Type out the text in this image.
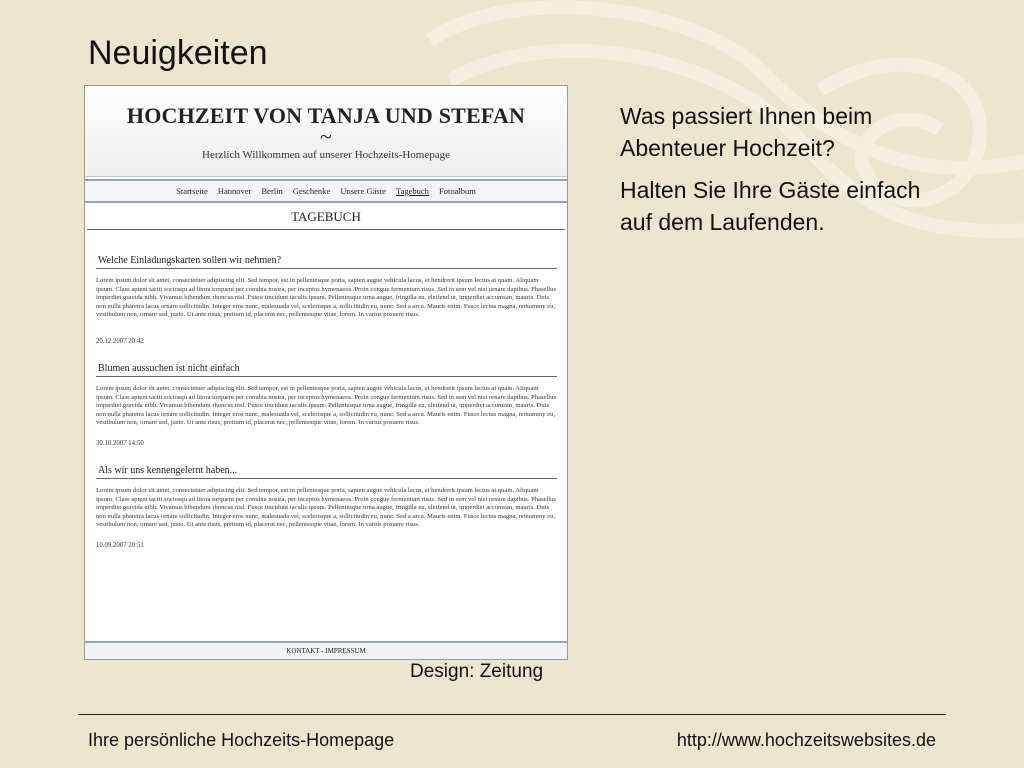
Neuigkeiten
HOCHZEIT VON TANJA UND STEFAN
~
Herzlich Willkommen auf unserer Hochzeits-Homepage
Startseite Hannover Berlin Geschenke Unsere Gäste Tagebuch Fotoalbum
TAGEBUCH
Welche Einladungskarten sollen wir nehmen?
Lorem ipsum dolor sit amet, consectetuer adipiscing elit. Sed tempor, est in pellentesque porta, sapien augue vehicula lacus, et hendrerit ipsum lectus at quam. Aliquam ipsum. Class aptent taciti sociosqu ad litora torquent per conubia nostra, per inceptos hymenaeos. Proin congue fermentum risus. Sed in sem vel nisi ornare dapibus. Phasellus imperdiet gravida nibh. Vivamus bibendum rhoncus nisl. Fusce tincidunt iaculis ipsum. Pellentesque urna augue, fringilla eu, eleifend ut, imperdiet accumsan, mauris. Duis non nulla pharetra lacus ornare sollicitudin. Integer eros nunc, malesuada vel, scelerisque a, sollicitudin eu, nunc. Sed a arcu. Mauris enim. Fusce lectus magna, nonummy eu, vestibulum non, ornare sed, justo. Ut ante risus, pretium id, placerat nec, pellentesque vitae, lorem. In varius posuere risus.
20.12.2007 20:42
Blumen aussuchen ist nicht einfach
Lorem ipsum dolor sit amet, consectetuer adipiscing elit. Sed tempor, est in pellentesque porta, sapien augue vehicula lacus, et hendrerit ipsum lectus at quam. Aliquam ipsum. Class aptent taciti sociosqu ad litora torquent per conubia nostra, per inceptos hymenaeos. Proin congue fermentum risus. Sed in sem vel nisi ornare dapibus. Phasellus imperdiet gravida nibh. Vivamus bibendum rhoncus nisl. Fusce tincidunt iaculis ipsum. Pellentesque urna augue, fringilla eu, eleifend ut, imperdiet accumsan, mauris. Duis non nulla pharetra lacus ornare sollicitudin. Integer eros nunc, malesuada vel, scelerisque a, sollicitudin eu, nunc. Sed a arcu. Mauris enim. Fusce lectus magna, nonummy eu, vestibulum non, ornare sed, justo. Ut ante risus, pretium id, placerat nec, pellentesque vitae, lorem. In varius posuere risus.
30.10.2007 14:50
Als wir uns kennengelernt haben...
Lorem ipsum dolor sit amet, consectetuer adipiscing elit. Sed tempor, est in pellentesque porta, sapien augue vehicula lacus, et hendrerit ipsum lectus at quam. Aliquam ipsum. Class aptent taciti sociosqu ad litora torquent per conubia nostra, per inceptos hymenaeos. Proin congue fermentum risus. Sed in sem vel nisi ornare dapibus. Phasellus imperdiet gravida nibh. Vivamus bibendum rhoncus nisl. Fusce tincidunt iaculis ipsum. Pellentesque urna augue, fringilla eu, eleifend ut, imperdiet accumsan, mauris. Duis non nulla pharetra lacus ornare sollicitudin. Integer eros nunc, malesuada vel, scelerisque a, sollicitudin eu, nunc. Sed a arcu. Mauris enim. Fusce lectus magna, nonummy eu, vestibulum non, ornare sed, justo. Ut ante risus, pretium id, placerat nec, pellentesque vitae, lorem. In varius posuere risus.
10.09.2007 20:51
KONTAKT - IMPRESSUM
Design: Zeitung

Was passiert Ihnen beim Abenteuer Hochzeit?

Halten Sie Ihre Gäste einfach auf dem Laufenden.

Ihre persönliche Hochzeits-Homepage	http://www.hochzeitswebsites.de
